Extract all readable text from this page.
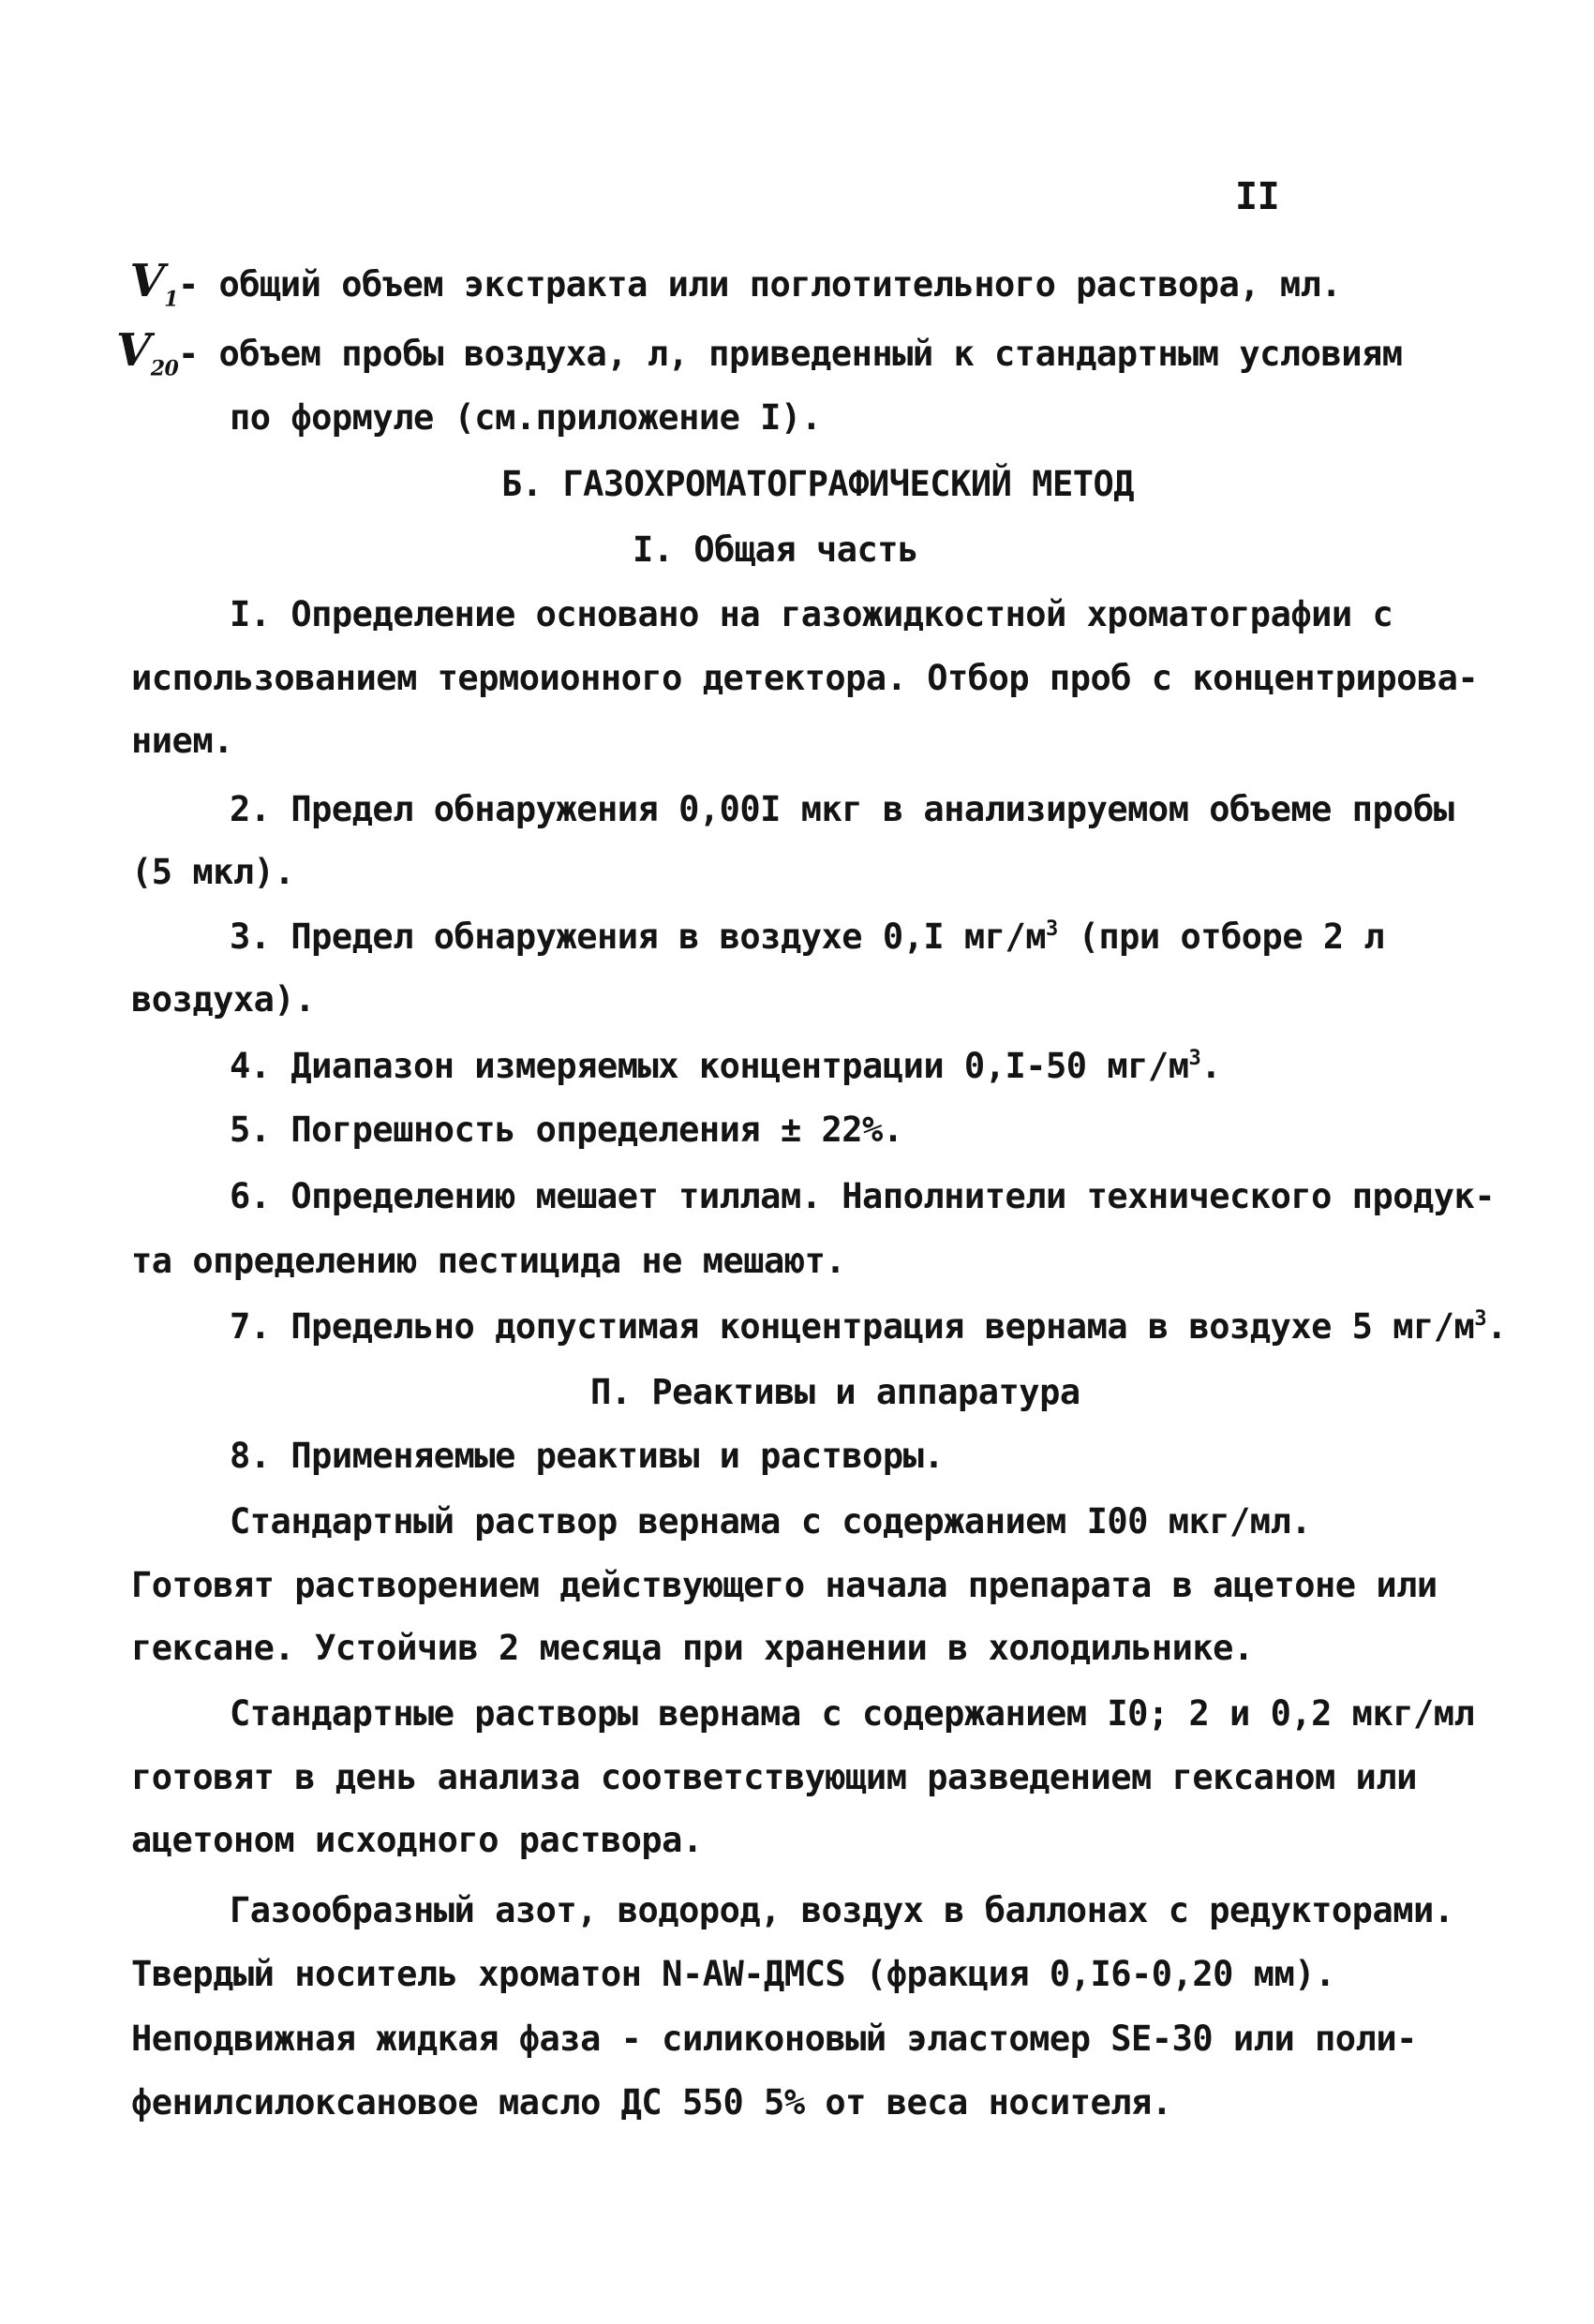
II

$V_1-$ общий объем экстракта или поглотительного раствора, мл.

$V_{20}-$ объем пробы воздуха, л, приведенный к стандартным условиям

по формуле (см.приложение I).

Б. ГАЗОХРОМАТОГРАФИЧЕСКИЙ МЕТОД

I. Общая часть

I. Определение основано на газожидкостной хроматографии с

использованием термоионного детектора. Отбор проб с концентрирова-

нием.

2. Предел обнаружения 0,00I мкг в анализируемом объеме пробы

(5 мкл).

3. Предел обнаружения в воздухе 0,I $мг/м^3$ (при отборе 2 л

воздуха).

4. Диапазон измеряемых концентрации 0,I-50 $мг/м^3$.

5. Погрешность определения ± 22%.

6. Определению мешает тиллам. Наполнители технического продук-

та определению пестицида не мешают.

7. Предельно допустимая концентрация вернама в воздухе 5 $мг/м^3$.

П. Реактивы и аппаратура

8. Применяемые реактивы и растворы.

Стандартный раствор вернама с содержанием I00 мкг/мл.

Готовят растворением действующего начала препарата в ацетоне или

гексане. Устойчив 2 месяца при хранении в холодильнике.

Стандартные растворы вернама с содержанием I0; 2 и 0,2 мкг/мл

готовят в день анализа соответствующим разведением гексаном или

ацетоном исходного раствора.

Газообразный азот, водород, воздух в баллонах с редукторами.

Твердый носитель хроматон N-AW-ДМСS (фракция 0,I6-0,20 мм).

Неподвижная жидкая фаза - силиконовый эластомер SE-30 или поли-

фенилсилоксановое масло ДС 550 5% от веса носителя.
